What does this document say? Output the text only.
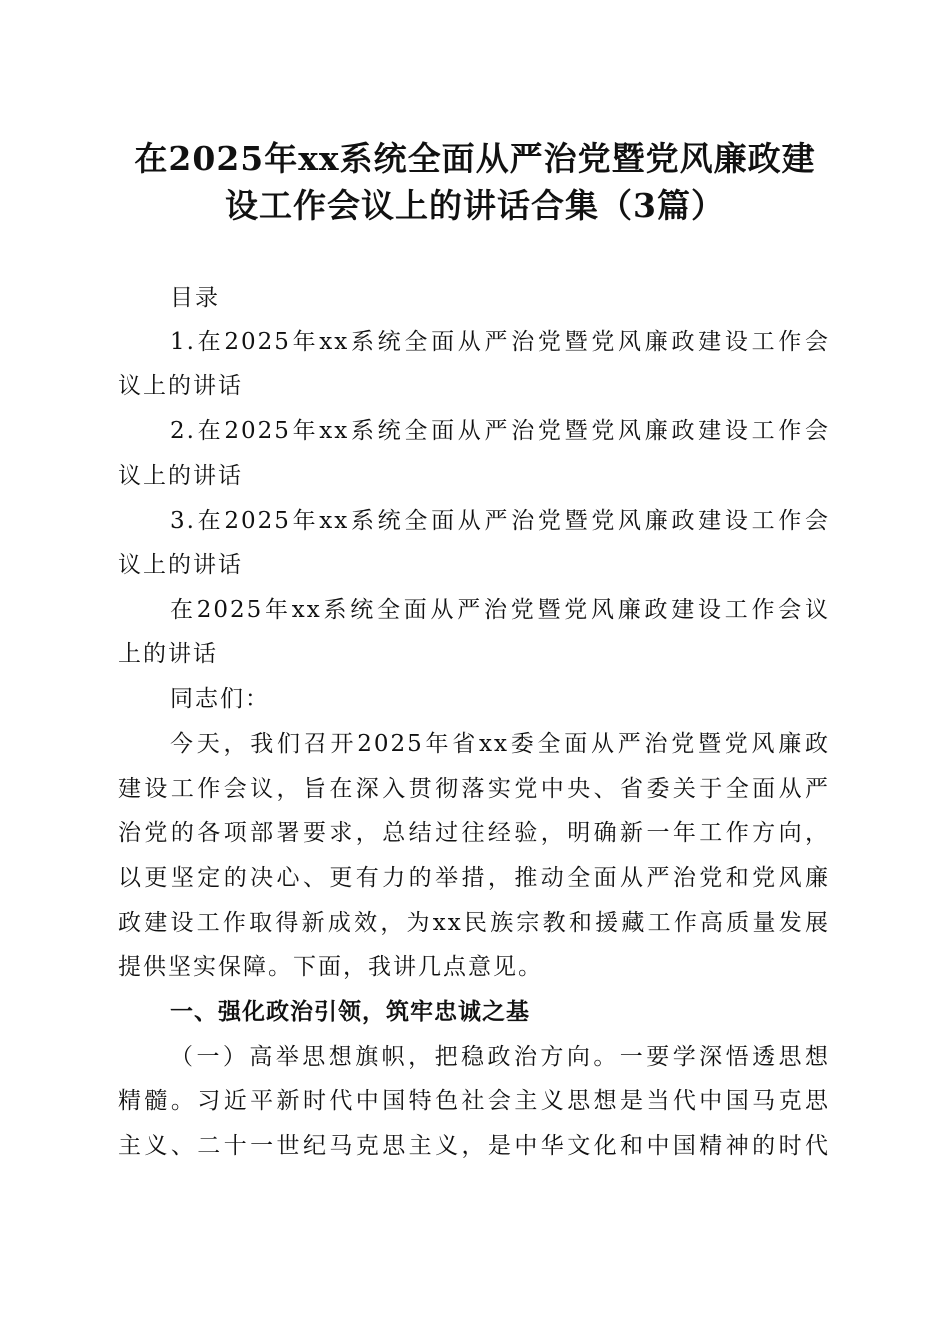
在2025年xx系统全面从严治党暨党风廉政建
设工作会议上的讲话合集（3篇）
目录
1.在2025年xx系统全面从严治党暨党风廉政建设工作会
议上的讲话
2.在2025年xx系统全面从严治党暨党风廉政建设工作会
议上的讲话
3.在2025年xx系统全面从严治党暨党风廉政建设工作会
议上的讲话
在2025年xx系统全面从严治党暨党风廉政建设工作会议
上的讲话
同志们：
今天，我们召开2025年省xx委全面从严治党暨党风廉政
建设工作会议，旨在深入贯彻落实党中央、省委关于全面从严
治党的各项部署要求，总结过往经验，明确新一年工作方向，
以更坚定的决心、更有力的举措，推动全面从严治党和党风廉
政建设工作取得新成效，为xx民族宗教和援藏工作高质量发展
提供坚实保障。下面，我讲几点意见。
一、强化政治引领，筑牢忠诚之基
（一）高举思想旗帜，把稳政治方向。一要学深悟透思想
精髓。习近平新时代中国特色社会主义思想是当代中国马克思
主义、二十一世纪马克思主义，是中华文化和中国精神的时代
